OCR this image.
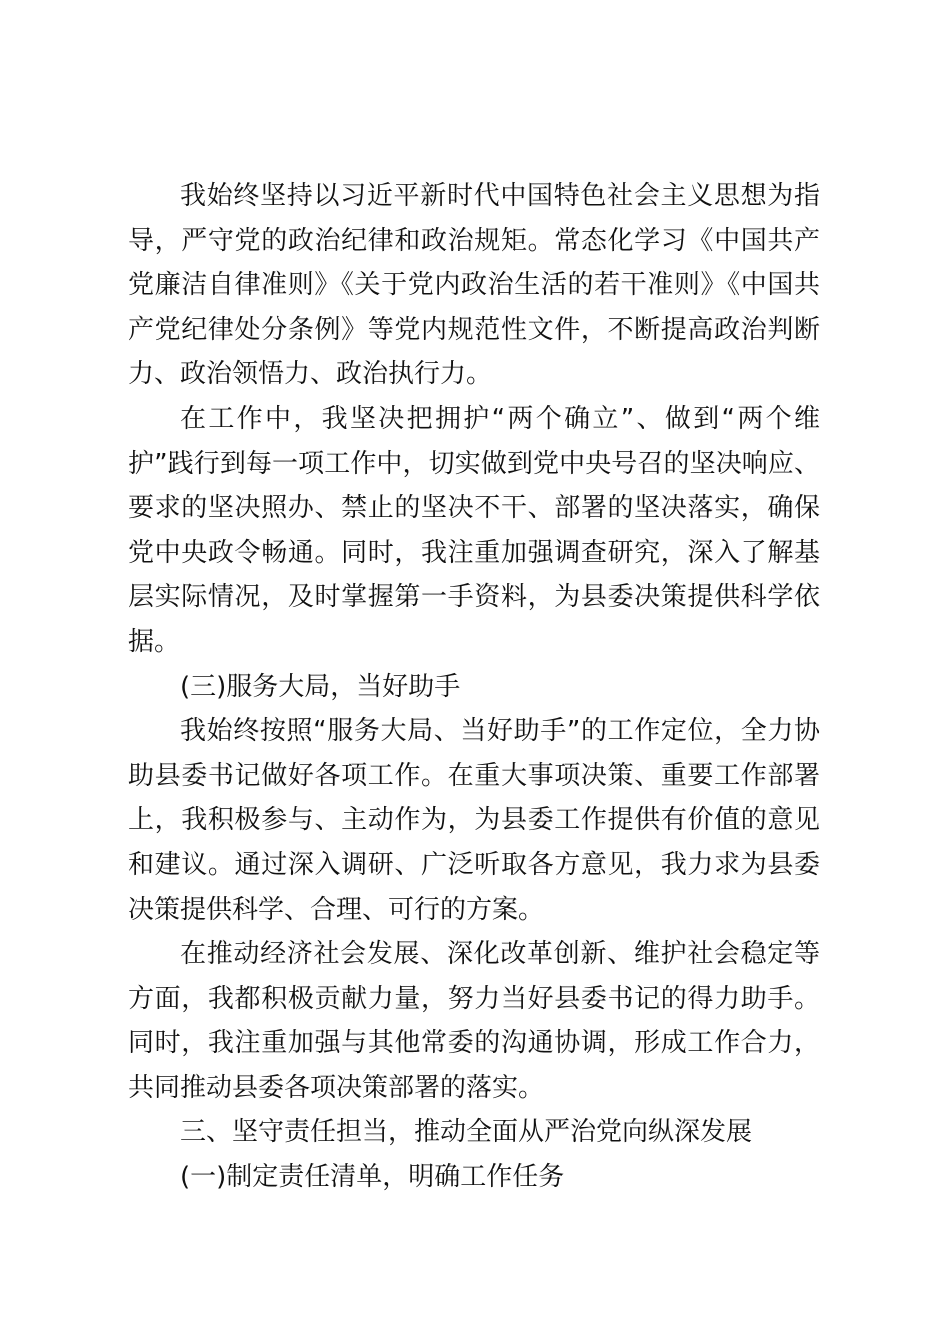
我始终坚持以习近平新时代中国特色社会主义思想为指导，严守党的政治纪律和政治规矩。常态化学习《中国共产党廉洁自律准则》《关于党内政治生活的若干准则》《中国共产党纪律处分条例》等党内规范性文件，不断提高政治判断力、政治领悟力、政治执行力。

在工作中，我坚决把拥护“两个确立”、做到“两个维护”践行到每一项工作中，切实做到党中央号召的坚决响应、要求的坚决照办、禁止的坚决不干、部署的坚决落实，确保党中央政令畅通。同时，我注重加强调查研究，深入了解基层实际情况，及时掌握第一手资料，为县委决策提供科学依据。

(三)服务大局，当好助手

我始终按照“服务大局、当好助手”的工作定位，全力协助县委书记做好各项工作。在重大事项决策、重要工作部署上，我积极参与、主动作为，为县委工作提供有价值的意见和建议。通过深入调研、广泛听取各方意见，我力求为县委决策提供科学、合理、可行的方案。

在推动经济社会发展、深化改革创新、维护社会稳定等方面，我都积极贡献力量，努力当好县委书记的得力助手。同时，我注重加强与其他常委的沟通协调，形成工作合力，共同推动县委各项决策部署的落实。

三、坚守责任担当，推动全面从严治党向纵深发展

(一)制定责任清单，明确工作任务
